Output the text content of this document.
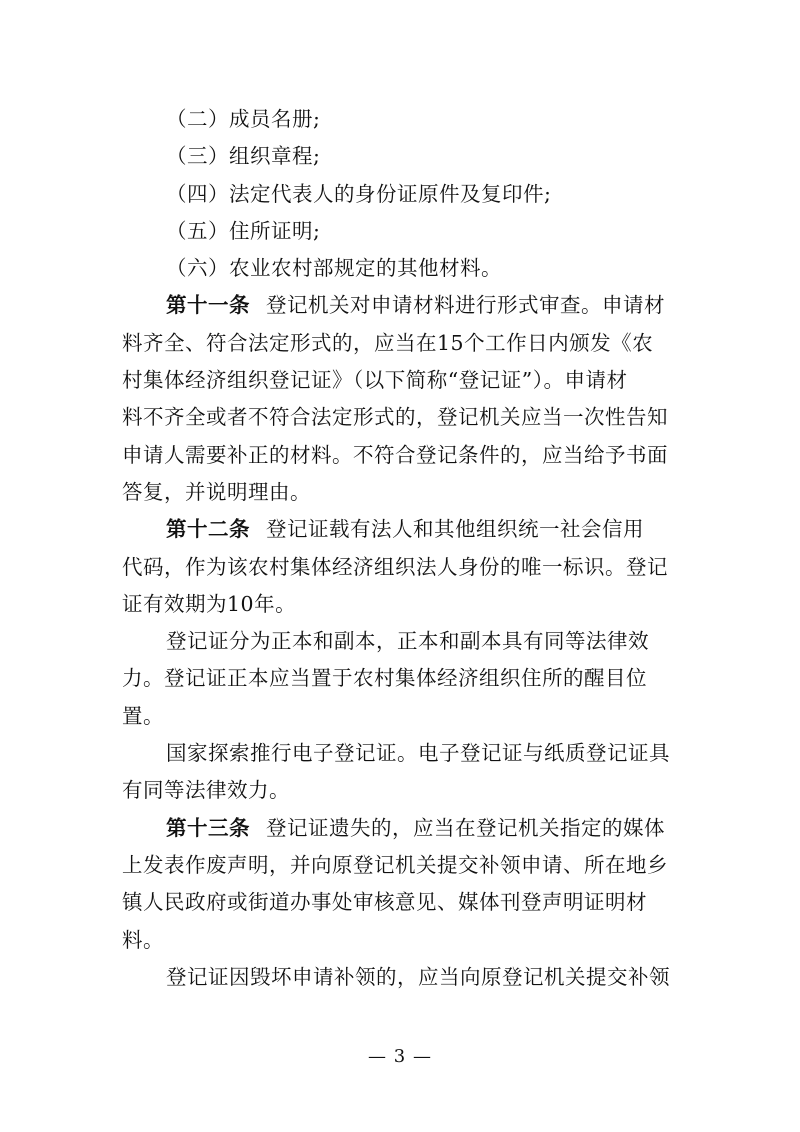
（二）成员名册;
（三）组织章程;
（四）法定代表人的身份证原件及复印件;
（五）住所证明;
（六）农业农村部规定的其他材料。
第十一条 登记机关对申请材料进行形式审查。申请材
料齐全、符合法定形式的，应当在15个工作日内颁发《农
村集体经济组织登记证》（以下简称“登记证”）。申请材
料不齐全或者不符合法定形式的，登记机关应当一次性告知
申请人需要补正的材料。不符合登记条件的，应当给予书面
答复，并说明理由。
第十二条 登记证载有法人和其他组织统一社会信用
代码，作为该农村集体经济组织法人身份的唯一标识。登记
证有效期为10年。
登记证分为正本和副本，正本和副本具有同等法律效
力。登记证正本应当置于农村集体经济组织住所的醒目位
置。
国家探索推行电子登记证。电子登记证与纸质登记证具
有同等法律效力。
第十三条 登记证遗失的，应当在登记机关指定的媒体
上发表作废声明，并向原登记机关提交补领申请、所在地乡
镇人民政府或街道办事处审核意见、媒体刊登声明证明材
料。
登记证因毁坏申请补领的，应当向原登记机关提交补领
— 3 —
